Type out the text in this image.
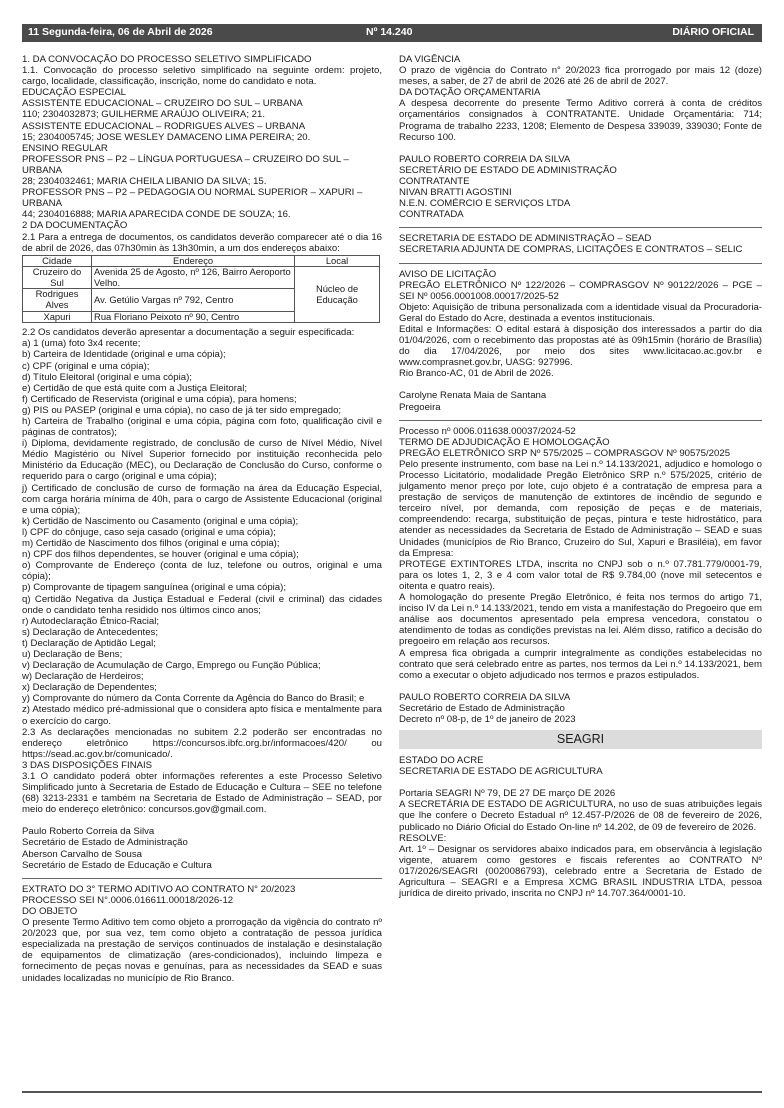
11 Segunda-feira, 06 de Abril de 2026	Nº 14.240	DIÁRIO OFICIAL

1. DA CONVOCAÇÃO DO PROCESSO SELETIVO SIMPLIFICADO

1.1. Convocação do processo seletivo simplificado na seguinte ordem: projeto, cargo, localidade, classificação, inscrição, nome do candidato e nota.

EDUCAÇÃO ESPECIAL

ASSISTENTE EDUCACIONAL – CRUZEIRO DO SUL – URBANA

110; 2304032873; GUILHERME ARAÚJO OLIVEIRA; 21.

ASSISTENTE EDUCACIONAL – RODRIGUES ALVES – URBANA

15; 2304005745; JOSE WESLEY DAMACENO LIMA PEREIRA; 20.

ENSINO REGULAR

PROFESSOR PNS – P2 – LÍNGUA PORTUGUESA – CRUZEIRO DO SUL – URBANA

28; 2304032461; MARIA CHEILA LIBANIO DA SILVA; 15.

PROFESSOR PNS – P2 – PEDAGOGIA OU NORMAL SUPERIOR – XAPURI – URBANA

44; 2304016888; MARIA APARECIDA CONDE DE SOUZA; 16.

2 DA DOCUMENTAÇÃO

2.1 Para a entrega de documentos, os candidatos deverão comparecer até o dia 16 de abril de 2026, das 07h30min às 13h30min, a um dos endereços abaixo:

Cidade	Endereço	Local
Cruzeiro do Sul	Avenida 25 de Agosto, nº 126, Bairro Aeroporto Velho.	Núcleo de Educação
Rodrigues Alves	Av. Getúlio Vargas nº 792, Centro	
Xapuri	Rua Floriano Peixoto nº 90, Centro	

2.2 Os candidatos deverão apresentar a documentação a seguir especificada:

a) 1 (uma) foto 3x4 recente;

b) Carteira de Identidade (original e uma cópia);

c) CPF (original e uma cópia);

d) Título Eleitoral (original e uma cópia);

e) Certidão de que está quite com a Justiça Eleitoral;

f) Certificado de Reservista (original e uma cópia), para homens;

g) PIS ou PASEP (original e uma cópia), no caso de já ter sido empregado;

h) Carteira de Trabalho (original e uma cópia, página com foto, qualificação civil e páginas de contratos);

i) Diploma, devidamente registrado, de conclusão de curso de Nível Médio, Nível Médio Magistério ou Nível Superior fornecido por instituição reconhecida pelo Ministério da Educação (MEC), ou Declaração de Conclusão do Curso, conforme o requerido para o cargo (original e uma cópia);

j) Certificado de conclusão de curso de formação na área da Educação Especial, com carga horária mínima de 40h, para o cargo de Assistente Educacional (original e uma cópia);

k) Certidão de Nascimento ou Casamento (original e uma cópia);

l) CPF do cônjuge, caso seja casado (original e uma cópia);

m) Certidão de Nascimento dos filhos (original e uma cópia);

n) CPF dos filhos dependentes, se houver (original e uma cópia);

o) Comprovante de Endereço (conta de luz, telefone ou outros, original e uma cópia);

p) Comprovante de tipagem sanguínea (original e uma cópia);

q) Certidão Negativa da Justiça Estadual e Federal (civil e criminal) das cidades onde o candidato tenha residido nos últimos cinco anos;

r) Autodeclaração Étnico-Racial;

s) Declaração de Antecedentes;

t) Declaração de Aptidão Legal;

u) Declaração de Bens;

v) Declaração de Acumulação de Cargo, Emprego ou Função Pública;

w) Declaração de Herdeiros;

x) Declaração de Dependentes;

y) Comprovante do número da Conta Corrente da Agência do Banco do Brasil; e

z) Atestado médico pré-admissional que o considera apto física e mentalmente para o exercício do cargo.

2.3 As declarações mencionadas no subitem 2.2 poderão ser encontradas no endereço eletrônico https://concursos.ibfc.org.br/informacoes/420/ ou https://sead.ac.gov.br/comunicado/.

3 DAS DISPOSIÇÕES FINAIS

3.1 O candidato poderá obter informações referentes a este Processo Seletivo Simplificado junto à Secretaria de Estado de Educação e Cultura – SEE no telefone (68) 3213-2331 e também na Secretaria de Estado de Administração – SEAD, por meio do endereço eletrônico: concursos.gov@gmail.com.

Paulo Roberto Correia da Silva

Secretário de Estado de Administração

Aberson Carvalho de Sousa

Secretário de Estado de Educação e Cultura

EXTRATO DO 3° TERMO ADITIVO AO CONTRATO N° 20/2023

PROCESSO SEI N°.0006.016611.00018/2026-12

DO OBJETO

O presente Termo Aditivo tem como objeto a prorrogação da vigência do contrato nº 20/2023 que, por sua vez, tem como objeto a contratação de pessoa jurídica especializada na prestação de serviços continuados de instalação e desinstalação de equipamentos de climatização (ares-condicionados), incluindo limpeza e fornecimento de peças novas e genuínas, para as necessidades da SEAD e suas unidades localizadas no município de Rio Branco.

DA VIGÊNCIA

O prazo de vigência do Contrato n° 20/2023 fica prorrogado por mais 12 (doze) meses, a saber, de 27 de abril de 2026 até 26 de abril de 2027.

DA DOTAÇÃO ORÇAMENTARIA

A despesa decorrente do presente Termo Aditivo correrá à conta de créditos orçamentários consignados à CONTRATANTE. Unidade Orçamentária: 714; Programa de trabalho 2233, 1208; Elemento de Despesa 339039, 339030; Fonte de Recurso 100.

PAULO ROBERTO CORREIA DA SILVA

SECRETÁRIO DE ESTADO DE ADMINISTRAÇÃO

CONTRATANTE

NIVAN BRATTI AGOSTINI

N.E.N. COMÉRCIO E SERVIÇOS LTDA

CONTRATADA

SECRETARIA DE ESTADO DE ADMINISTRAÇÃO – SEAD

SECRETARIA ADJUNTA DE COMPRAS, LICITAÇÕES E CONTRATOS – SELIC

AVISO DE LICITAÇÃO

PREGÃO ELETRÔNICO Nº 122/2026 – COMPRASGOV Nº 90122/2026 – PGE – SEI Nº 0056.0001008.00017/2025-52

Objeto: Aquisição de tribuna personalizada com a identidade visual da Procuradoria-Geral do Estado do Acre, destinada a eventos institucionais.

Edital e Informações: O edital estará à disposição dos interessados a partir do dia 01/04/2026, com o recebimento das propostas até às 09h15min (horário de Brasília) do dia 17/04/2026, por meio dos sites www.licitacao.ac.gov.br e www.comprasnet.gov.br, UASG: 927996.

Rio Branco-AC, 01 de Abril de 2026.

Carolyne Renata Maia de Santana

Pregoeira

Processo nº 0006.011638.00037/2024-52

TERMO DE ADJUDICAÇÃO E HOMOLOGAÇÃO

PREGÃO ELETRÔNICO SRP Nº 575/2025 – COMPRASGOV Nº 90575/2025

Pelo presente instrumento, com base na Lei n.º 14.133/2021, adjudico e homologo o Processo Licitatório, modalidade Pregão Eletrônico SRP n.º 575/2025, critério de julgamento menor preço por lote, cujo objeto é a contratação de empresa para a prestação de serviços de manutenção de extintores de incêndio de segundo e terceiro nível, por demanda, com reposição de peças e de materiais, compreendendo: recarga, substituição de peças, pintura e teste hidrostático, para atender as necessidades da Secretaria de Estado de Administração – SEAD e suas Unidades (municípios de Rio Branco, Cruzeiro do Sul, Xapuri e Brasiléia), em favor da Empresa:

PROTEGE EXTINTORES LTDA, inscrita no CNPJ sob o n.º 07.781.779/0001-79, para os lotes 1, 2, 3 e 4 com valor total de R$ 9.784,00 (nove mil setecentos e oitenta e quatro reais).

A homologação do presente Pregão Eletrônico, é feita nos termos do artigo 71, inciso IV da Lei n.º 14.133/2021, tendo em vista a manifestação do Pregoeiro que em análise aos documentos apresentado pela empresa vencedora, constatou o atendimento de todas as condições previstas na lei. Além disso, ratifico a decisão do pregoeiro em relação aos recursos.

A empresa fica obrigada a cumprir integralmente as condições estabelecidas no contrato que será celebrado entre as partes, nos termos da Lei n.º 14.133/2021, bem como a executar o objeto adjudicado nos termos e prazos estipulados.

PAULO ROBERTO CORREIA DA SILVA

Secretário de Estado de Administração

Decreto nº 08-p, de 1º de janeiro de 2023

SEAGRI

ESTADO DO ACRE

SECRETARIA DE ESTADO DE AGRICULTURA

Portaria SEAGRI Nº 79, DE 27 DE março DE 2026

A SECRETÁRIA DE ESTADO DE AGRICULTURA, no uso de suas atribuições legais que lhe confere o Decreto Estadual nº 12.457-P/2026 de 08 de fevereiro de 2026, publicado no Diário Oficial do Estado On-line nº 14.202, de 09 de fevereiro de 2026.

RESOLVE:

Art. 1º – Designar os servidores abaixo indicados para, em observância à legislação vigente, atuarem como gestores e fiscais referentes ao CONTRATO Nº 017/2026/SEAGRI (0020086793), celebrado entre a Secretaria de Estado de Agricultura – SEAGRI e a Empresa XCMG BRASIL INDUSTRIA LTDA, pessoa jurídica de direito privado, inscrita no CNPJ nº 14.707.364/0001-10.
